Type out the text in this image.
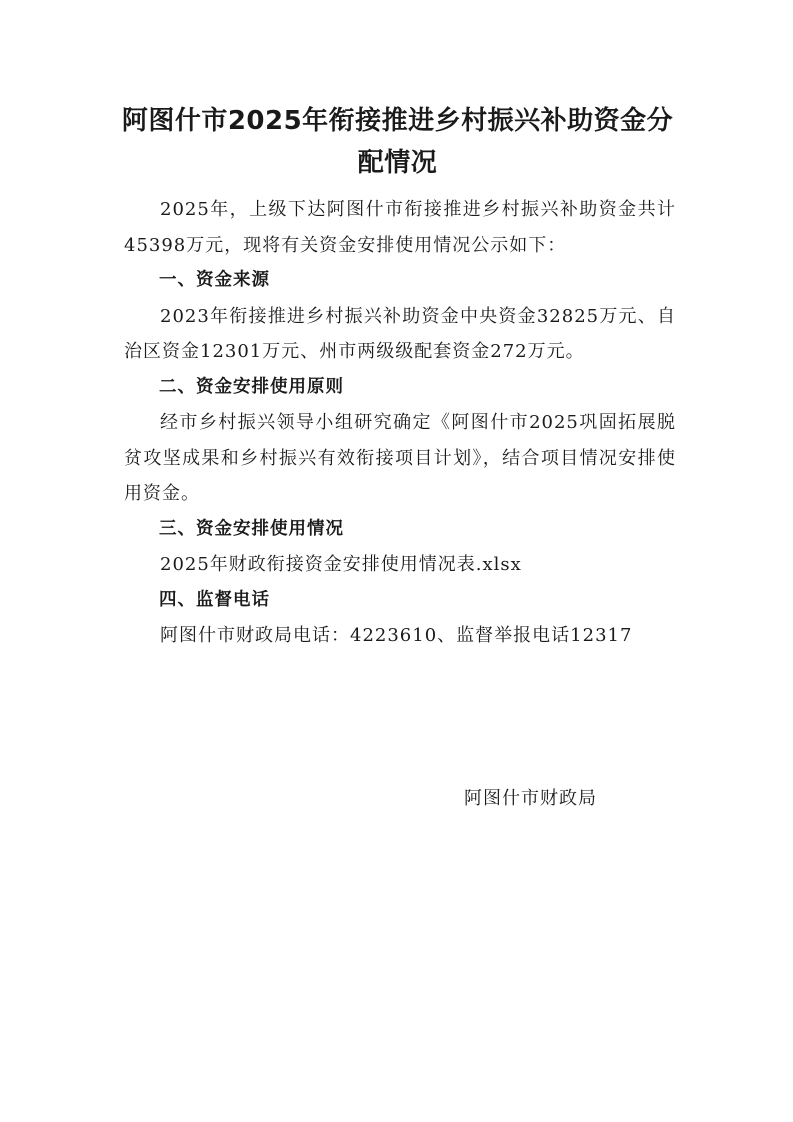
阿图什市2025年衔接推进乡村振兴补助资金分配情况

2025年，上级下达阿图什市衔接推进乡村振兴补助资金共计45398万元，现将有关资金安排使用情况公示如下：

一、资金来源

2023年衔接推进乡村振兴补助资金中央资金32825万元、自治区资金12301万元、州市两级级配套资金272万元。

二、资金安排使用原则

经市乡村振兴领导小组研究确定《阿图什市2025巩固拓展脱贫攻坚成果和乡村振兴有效衔接项目计划》，结合项目情况安排使用资金。

三、资金安排使用情况

2025年财政衔接资金安排使用情况表.xlsx

四、监督电话

阿图什市财政局电话：4223610、监督举报电话12317

阿图什市财政局
